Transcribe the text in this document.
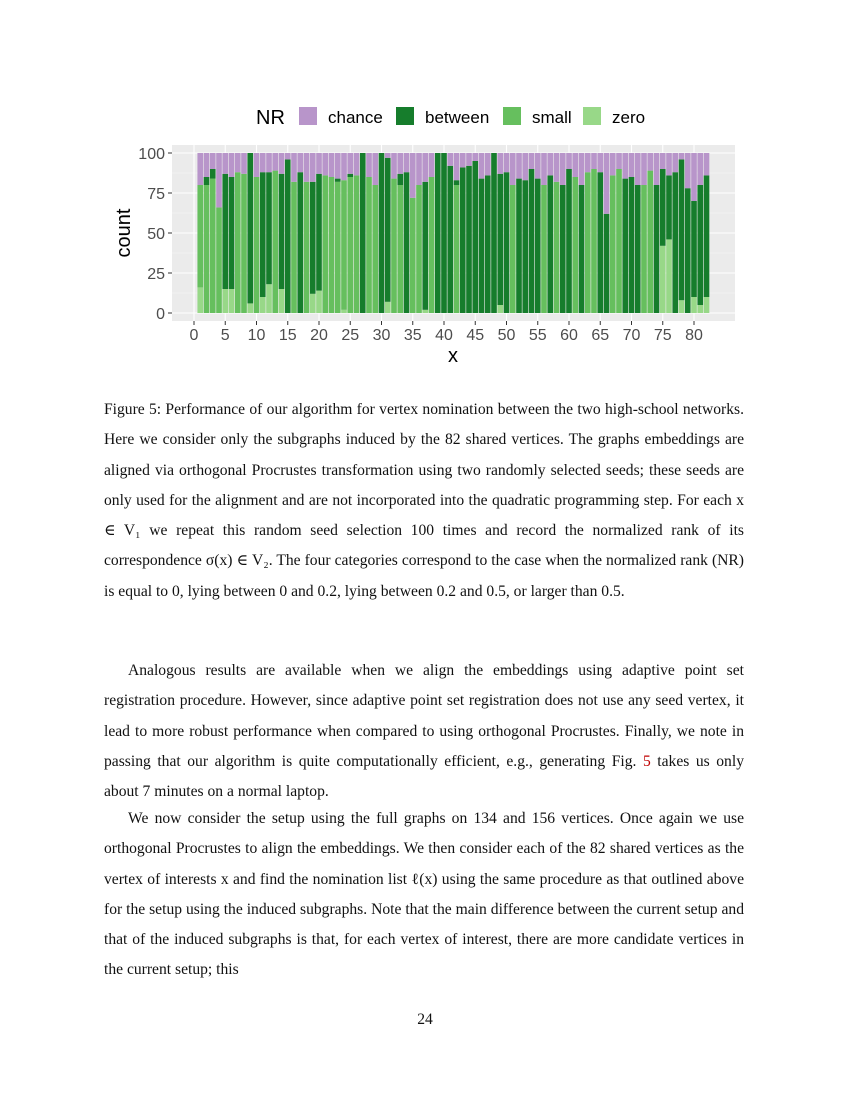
0
25
50
75
100
0 5 10 15 20 25 30 35 40 45 50 55 60 65 70 75 80
NR	chance between	small zero
x
count

Figure 5: Performance of our algorithm for vertex nomination between the two high-school networks. Here we consider only the subgraphs induced by the 82 shared vertices. The graphs embeddings are aligned via orthogonal Procrustes transformation using two randomly selected seeds; these seeds are only used for the alignment and are not incorporated into the quadratic programming step. For each x ∈ V₁ we repeat this random seed selection 100 times and record the normalized rank of its correspondence σ(x) ∈ V₂. The four categories correspond to the case when the normalized rank (NR) is equal to 0, lying between 0 and 0.2, lying between 0.2 and 0.5, or larger than 0.5.

Analogous results are available when we align the embeddings using adaptive point set registration procedure. However, since adaptive point set registration does not use any seed vertex, it lead to more robust performance when compared to using orthogonal Procrustes. Finally, we note in passing that our algorithm is quite computationally efficient, e.g., generating Fig. 5 takes us only about 7 minutes on a normal laptop.

We now consider the setup using the full graphs on 134 and 156 vertices. Once again we use orthogonal Procrustes to align the embeddings. We then consider each of the 82 shared vertices as the vertex of interests x and find the nomination list ℓ(x) using the same procedure as that outlined above for the setup using the induced subgraphs. Note that the main difference between the current setup and that of the induced subgraphs is that, for each vertex of interest, there are more candidate vertices in the current setup; this

24
